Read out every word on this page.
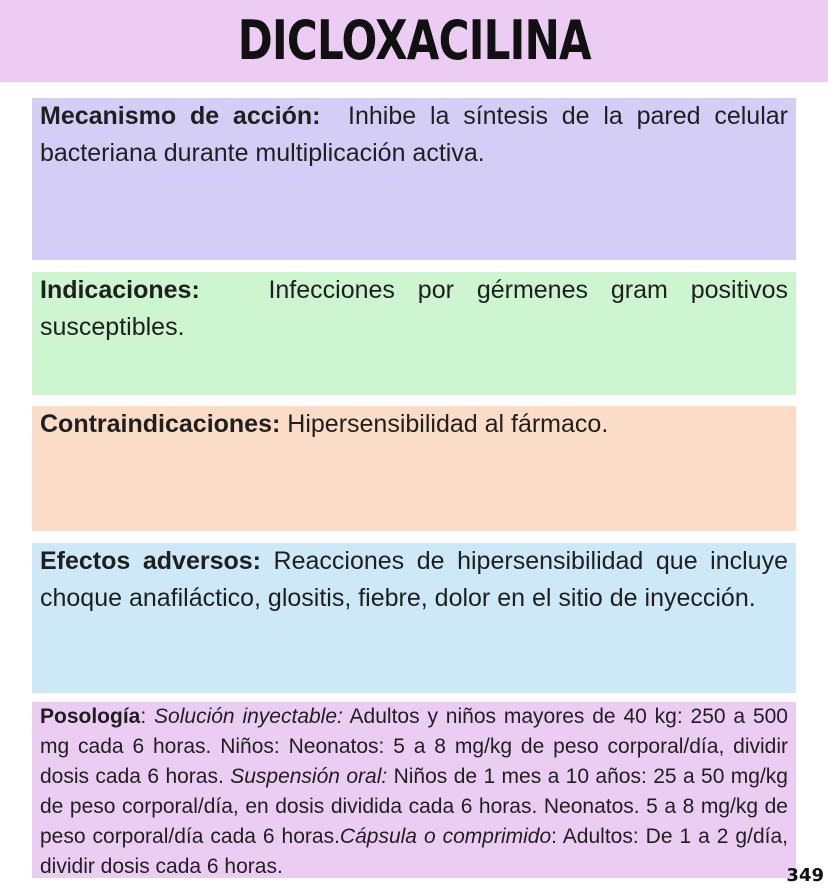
DICLOXACILINA
Mecanismo de acción: Inhibe la síntesis de la pared celular bacteriana durante multiplicación activa.
Indicaciones:	Infecciones por gérmenes gram positivos susceptibles.
Contraindicaciones: Hipersensibilidad al fármaco.
Efectos adversos: Reacciones de hipersensibilidad que incluye choque anafiláctico, glositis, fiebre, dolor en el sitio de inyección.
Posología: Solución inyectable: Adultos y niños mayores de 40 kg: 250 a 500 mg cada 6 horas. Niños: Neonatos: 5 a 8 mg/kg de peso corporal/día, dividir dosis cada 6 horas. Suspensión oral: Niños de 1 mes a 10 años: 25 a 50 mg/kg de peso corporal/día, en dosis dividida cada 6 horas. Neonatos. 5 a 8 mg/kg de peso corporal/día cada 6 horas.Cápsula o comprimido: Adultos: De 1 a 2 g/día, dividir dosis cada 6 horas.	349
